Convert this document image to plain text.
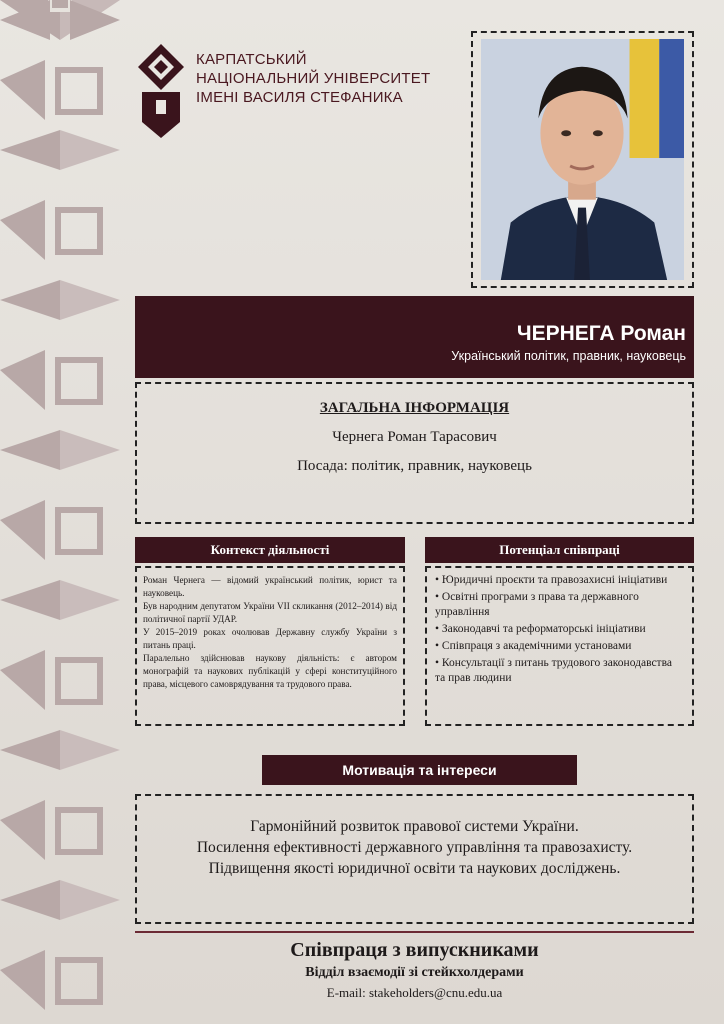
КАРПАТСЬКИЙ
НАЦІОНАЛЬНИЙ УНІВЕРСИТЕТ
ІМЕНІ ВАСИЛЯ СТЕФАНИКА
ЧЕРНЕГА Роман
Український політик, правник, науковець
ЗАГАЛЬНА ІНФОРМАЦІЯ
Чернега Роман Тарасович
Посада: політик, правник, науковець
Контекст діяльності

Роман Чернега — відомий український політик, юрист та науковець.

Був народним депутатом України VII скликання (2012–2014) від політичної партії УДАР.

У 2015–2019 роках очолював Державну службу України з питань праці.

Паралельно здійснював наукову діяльність: є автором монографій та наукових публікацій у сфері конституційного права, місцевого самоврядування та трудового права.

Потенціал співпраці
• Юридичні проєкти та правозахисні ініціативи
• Освітні програми з права та державного управління
• Законодавчі та реформаторські ініціативи
• Співпраця з академічними установами
• Консультації з питань трудового законодавства та прав людини
Мотивація та інтереси
Гармонійний розвиток правової системи України.
Посилення ефективності державного управління та правозахисту.
Підвищення якості юридичної освіти та наукових досліджень.
Співпраця з випускниками
Відділ взаємодії зі стейкхолдерами
E-mail: stakeholders@cnu.edu.ua
